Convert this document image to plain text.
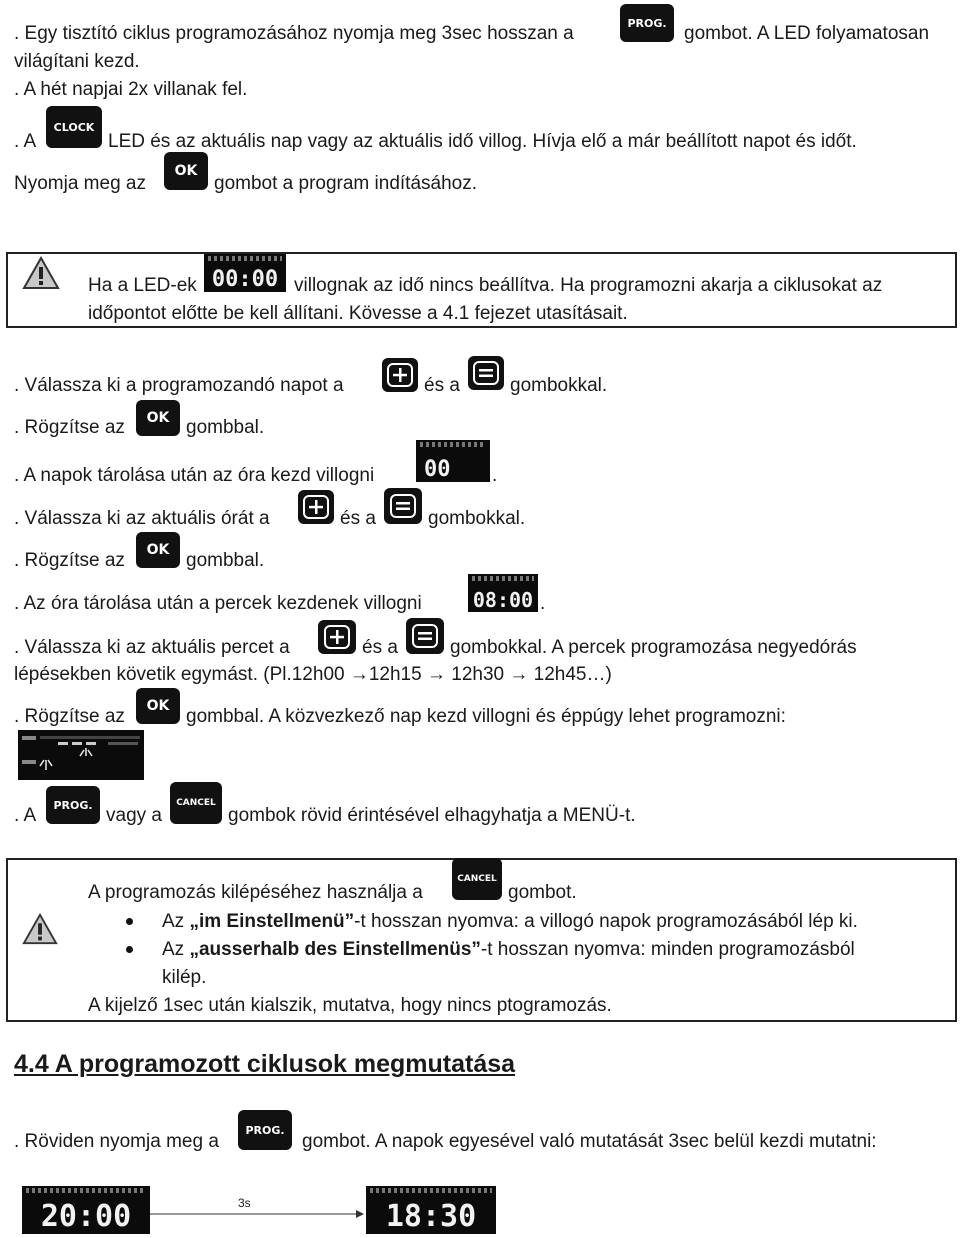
. Egy tisztító ciklus programozásához nyomja meg 3sec hosszan a	PROG. gombot. A LED folyamatosan
világítani kezd.
. A hét napjai 2x villanak fel.
. A
CLOCK
LED és az aktuális nap vagy az aktuális idő villog. Hívja elő a már beállított napot és időt.
Nyomja meg az
OK
gombot a program indításához.
Ha a LED-ek 00:00 villognak az idő nincs beállítva. Ha programozni akarja a ciklusokat az
időpontot előtte be kell állítani. Kövesse a 4.1 fejezet utasításait.
. Válassza ki a programozandó napot a	és a	gombokkal.
. Rögzítse az OK gombbal.
. A napok tárolása után az óra kezd villogni 00 .
. Válassza ki az aktuális órát a	és a	gombokkal.
. Rögzítse az OK gombbal.
. Az óra tárolása után a percek kezdenek villogni	08:00 .
. Válassza ki az aktuális percet a	és a	gombokkal. A percek programozása negyedórás
lépésekben követik egymást. (Pl.12h00 →12h15 → 12h30 → 12h45…)
. Rögzítse az OK gombbal. A közvezkező nap kezd villogni és éppúgy lehet programozni:
. A PROG. vagy a
CANCEL
gombok rövid érintésével elhagyhatja a MENÜ-t.
A programozás kilépéséhez használja a
CANCEL
gombot.
Az „im Einstellmenü”-t hosszan nyomva: a villogó napok programozásából lép ki.
Az „ausserhalb des Einstellmenüs”-t hosszan nyomva: minden programozásból
kilép.
A kijelző 1sec után kialszik, mutatva, hogy nincs ptogramozás.
4.4 A programozott ciklusok megmutatása
. Röviden nyomja meg a
PROG.
gombot. A napok egyesével való mutatását 3sec belül kezdi mutatni:
20:00	3s	18:30
